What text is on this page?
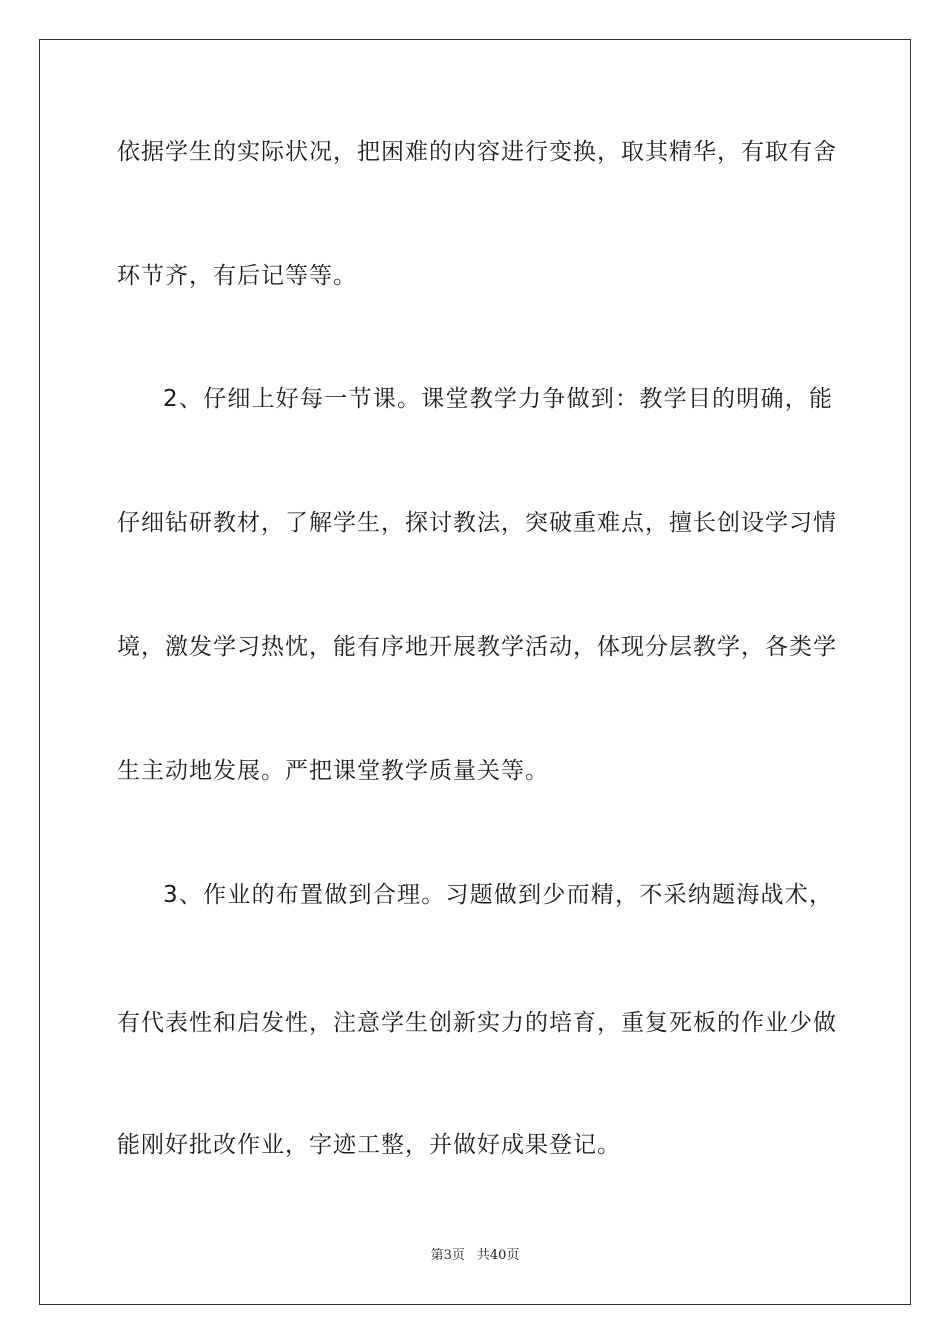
依据学生的实际状况，把困难的内容进行变换，取其精华，有取有舍
环节齐，有后记等等。
2、仔细上好每一节课。课堂教学力争做到：教学目的明确，能
仔细钻研教材，了解学生，探讨教法，突破重难点，擅长创设学习情
境，激发学习热忱，能有序地开展教学活动，体现分层教学，各类学
生主动地发展。严把课堂教学质量关等。
3、作业的布置做到合理。习题做到少而精，不采纳题海战术，
有代表性和启发性，注意学生创新实力的培育，重复死板的作业少做
能刚好批改作业，字迹工整，并做好成果登记。
第3页 共40页
